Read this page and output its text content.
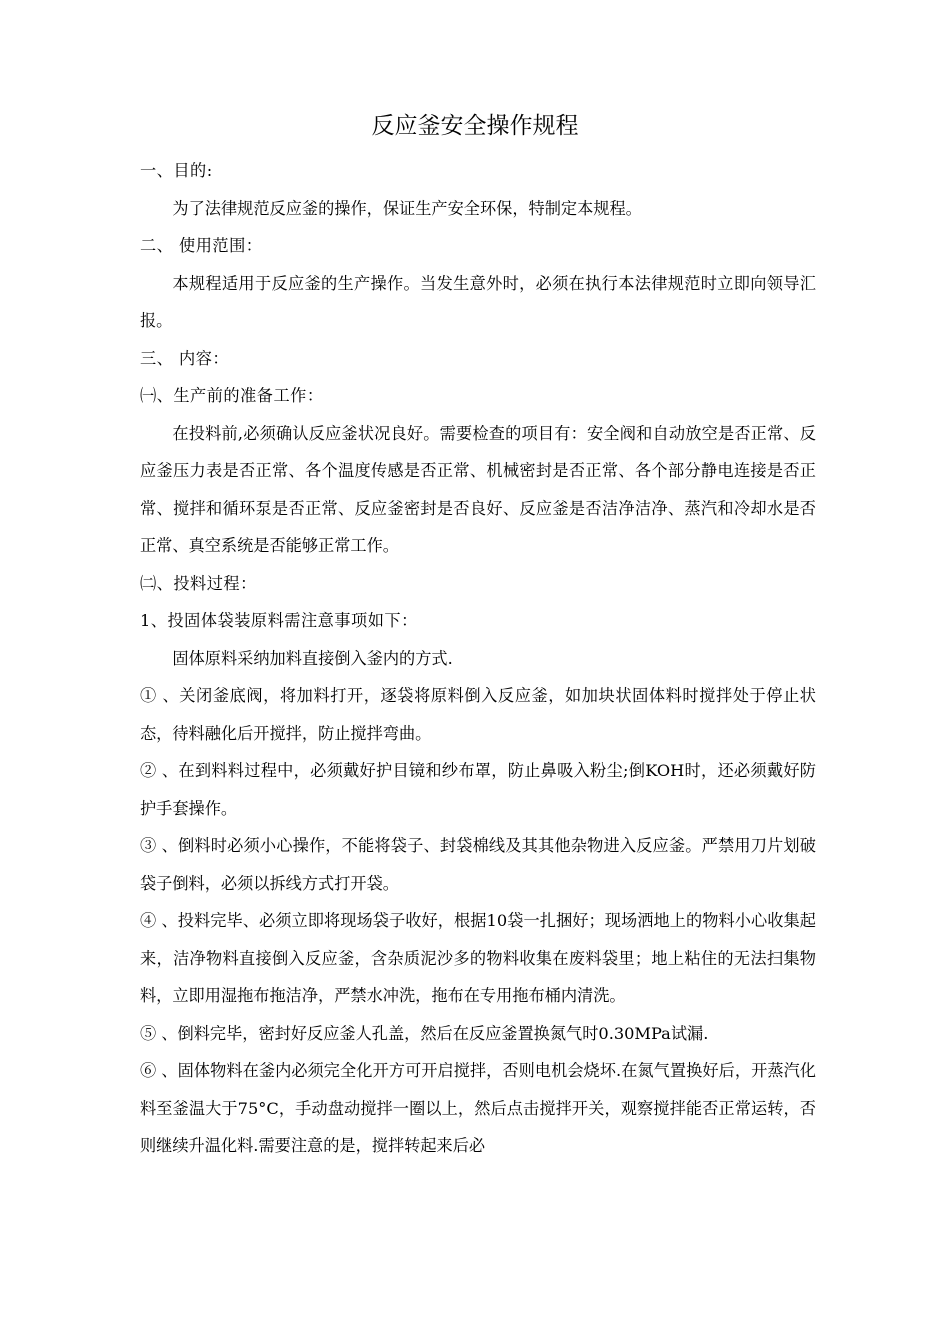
反应釜安全操作规程

一、目的:

为了法律规范反应釜的操作，保证生产安全环保，特制定本规程。

二、 使用范围：

本规程适用于反应釜的生产操作。当发生意外时，必须在执行本法律规范时立即向领导汇报。

三、 内容：

㈠、生产前的准备工作：

在投料前,必须确认反应釜状况良好。需要检查的项目有：安全阀和自动放空是否正常、反应釜压力表是否正常、各个温度传感是否正常、机械密封是否正常、各个部分静电连接是否正常、搅拌和循环泵是否正常、反应釜密封是否良好、反应釜是否洁净洁净、蒸汽和冷却水是否正常、真空系统是否能够正常工作。

㈡、投料过程：

1、投固体袋装原料需注意事项如下：

固体原料采纳加料直接倒入釜内的方式.

① 、关闭釜底阀，将加料打开，逐袋将原料倒入反应釜，如加块状固体料时搅拌处于停止状态，待料融化后开搅拌，防止搅拌弯曲。

② 、在到料料过程中，必须戴好护目镜和纱布罩，防止鼻吸入粉尘;倒KOH时，还必须戴好防护手套操作。

③ 、倒料时必须小心操作，不能将袋子、封袋棉线及其其他杂物进入反应釜。严禁用刀片划破袋子倒料，必须以拆线方式打开袋。

④ 、投料完毕、必须立即将现场袋子收好，根据10袋一扎捆好；现场洒地上的物料小心收集起来，洁净物料直接倒入反应釜，含杂质泥沙多的物料收集在废料袋里；地上粘住的无法扫集物料，立即用湿拖布拖洁净，严禁水冲洗，拖布在专用拖布桶内清洗。

⑤ 、倒料完毕，密封好反应釜人孔盖，然后在反应釜置换氮气时0.30MPa试漏.

⑥ 、固体物料在釜内必须完全化开方可开启搅拌，否则电机会烧坏.在氮气置换好后，开蒸汽化料至釜温大于75°C，手动盘动搅拌一圈以上，然后点击搅拌开关，观察搅拌能否正常运转，否则继续升温化料.需要注意的是，搅拌转起来后必
